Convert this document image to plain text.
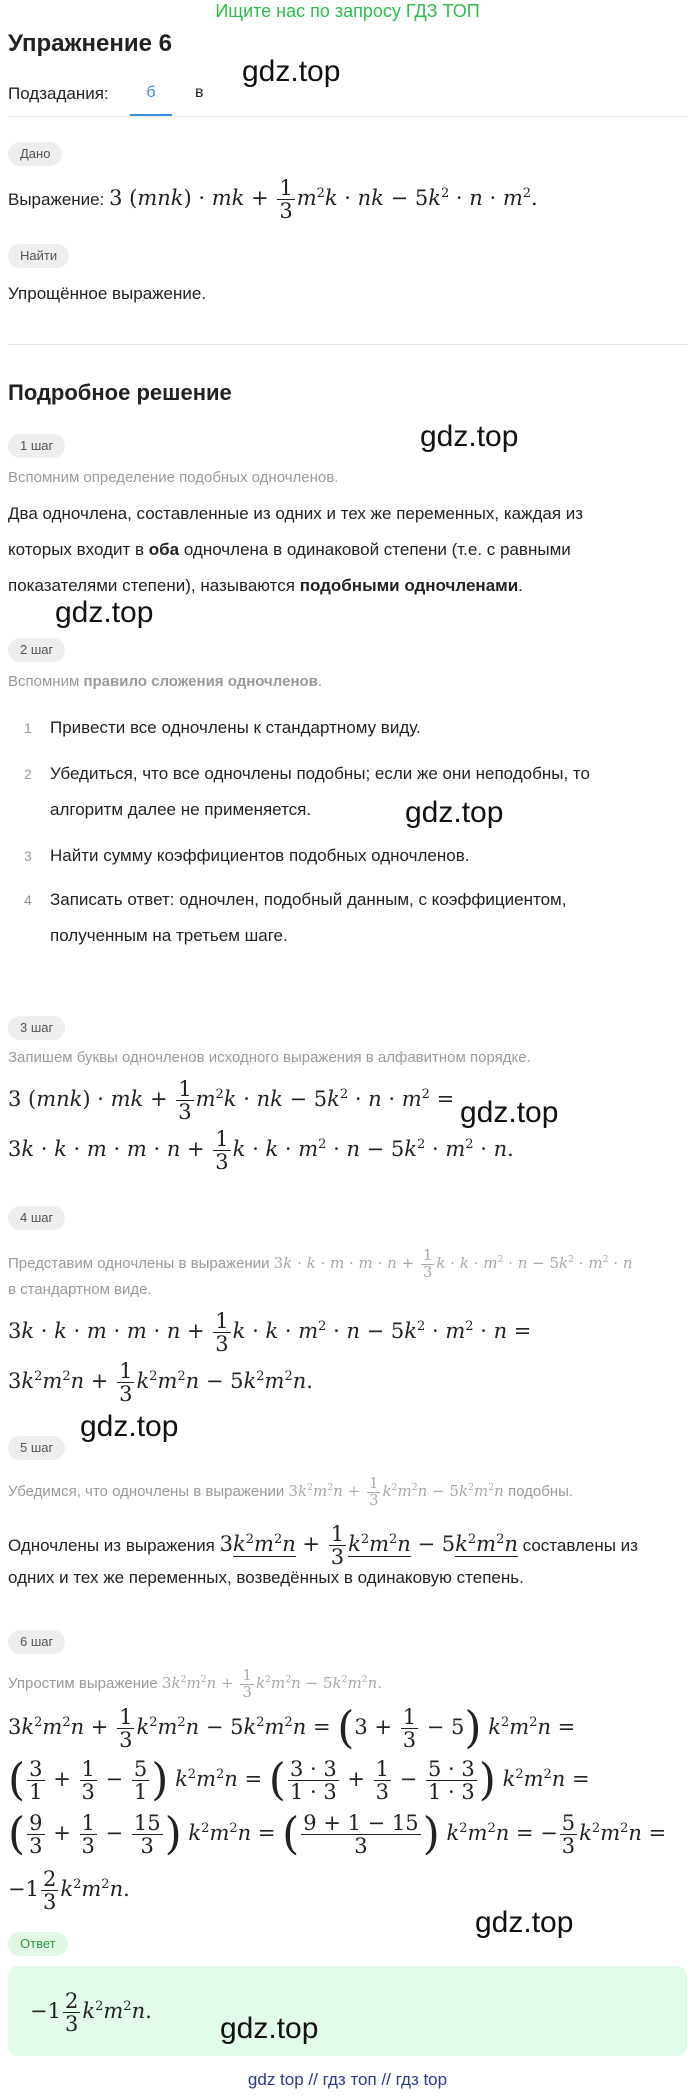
Ищите нас по запросу ГДЗ ТОП
Упражнение 6
gdz.top
Подзадания:	б	в
Дано
Выражение: 3 (mnk) · mk + $\frac{1}{3} m^2k$ · nk − $5k^2 \cdot n \cdot m^2$.
Найти
Упрощённое выражение.
Подробное решение
1 шаг	gdz.top
Вспомним определение подобных одночленов.
Два одночлена, составленные из одних и тех же переменных, каждая из
которых входит в оба одночлена в одинаковой степени (т.е. с равными
показателями степени), называются подобными одночленами.
gdz.top
2 шаг
Вспомним правило сложения одночленов.
1 Привести все одночлены к стандартному виду.
2 Убедиться, что все одночлены подобны; если же они неподобны, то
алгоритм далее не применяется.	gdz.top
3 Найти сумму коэффициентов подобных одночленов.
4 Записать ответ: одночлен, подобный данным, с коэффициентом,
полученным на третьем шаге.
3 шаг
Запишем буквы одночленов исходного выражения в алфавитном порядке.
3 (mnk) · mk + $\frac{1}{3} m^2k$ · nk − $5k^2 \cdot n \cdot m^2 = gdz.top$
$3k \cdot k \cdot m \cdot m \cdot n + \frac{1}{3}$ $k \cdot k \cdot m^2 \cdot n - 5k^2 \cdot m^2 \cdot n$.
4 шаг
Представим одночлены в выражении $3k \cdot k \cdot m \cdot m \cdot n + \frac{1}{3}$ $k \cdot k \cdot m^2 \cdot n - 5k^2 \cdot m^2 \cdot n$
в стандартном виде.
$3k \cdot k \cdot m \cdot m \cdot n + \frac{1}{3}$ $k \cdot k \cdot m^2 \cdot n - 5k^2 \cdot m^2 \cdot n$ =
$3k^2m^2n + \frac{1}{3} k^2m^2n - 5k^2m^2n$.
gdz.top
5 шаг
Убедимся, что одночлены в выражении $3k^2m^2n + \frac{1}{3} k^2m^2n - 5k^2m^2n$ подобны.
Одночлены из выражения $3k^2m^2n + \frac{1}{3} k^2m^2n - 5k^2m^2n$ составлены из
одних и тех же переменных, возведённых в одинаковую степень.
6 шаг
Упростим выражение $3k^2m^2n + \frac{1}{3} k^2m^2n - 5k^2m^2n$.
$3k^2m^2n + \frac{1}{3} k^2m^2n - 5k^2m^2n = (3 + \frac{1}{3} - 5) k^2m^2n$ =
( $\frac{3}{1} + \frac{1}{3} - \frac{5}{1}$ ) $k^2m^2n$ = ( $\frac{3 \cdot 3}{1 \cdot 3} + \frac{1}{3} - \frac{5 \cdot 3}{1 \cdot 3}$ ) $k^2m^2n$ =
( $\frac{9}{3} + \frac{1}{3} - \frac{15}{3}$ ) $k^2m^2n$ = ( $\frac{9 + 1 - 15}{3}$ ) $k^2m^2n$ = − $\frac{5}{3} k^2m^2n$ =
$-1 \frac{2}{3} k^2m^2n$.
gdz.top
Ответ
$-1 \frac{2}{3} k^2m^2n$.
gdz.top
gdz top // гдз топ // гдз top
